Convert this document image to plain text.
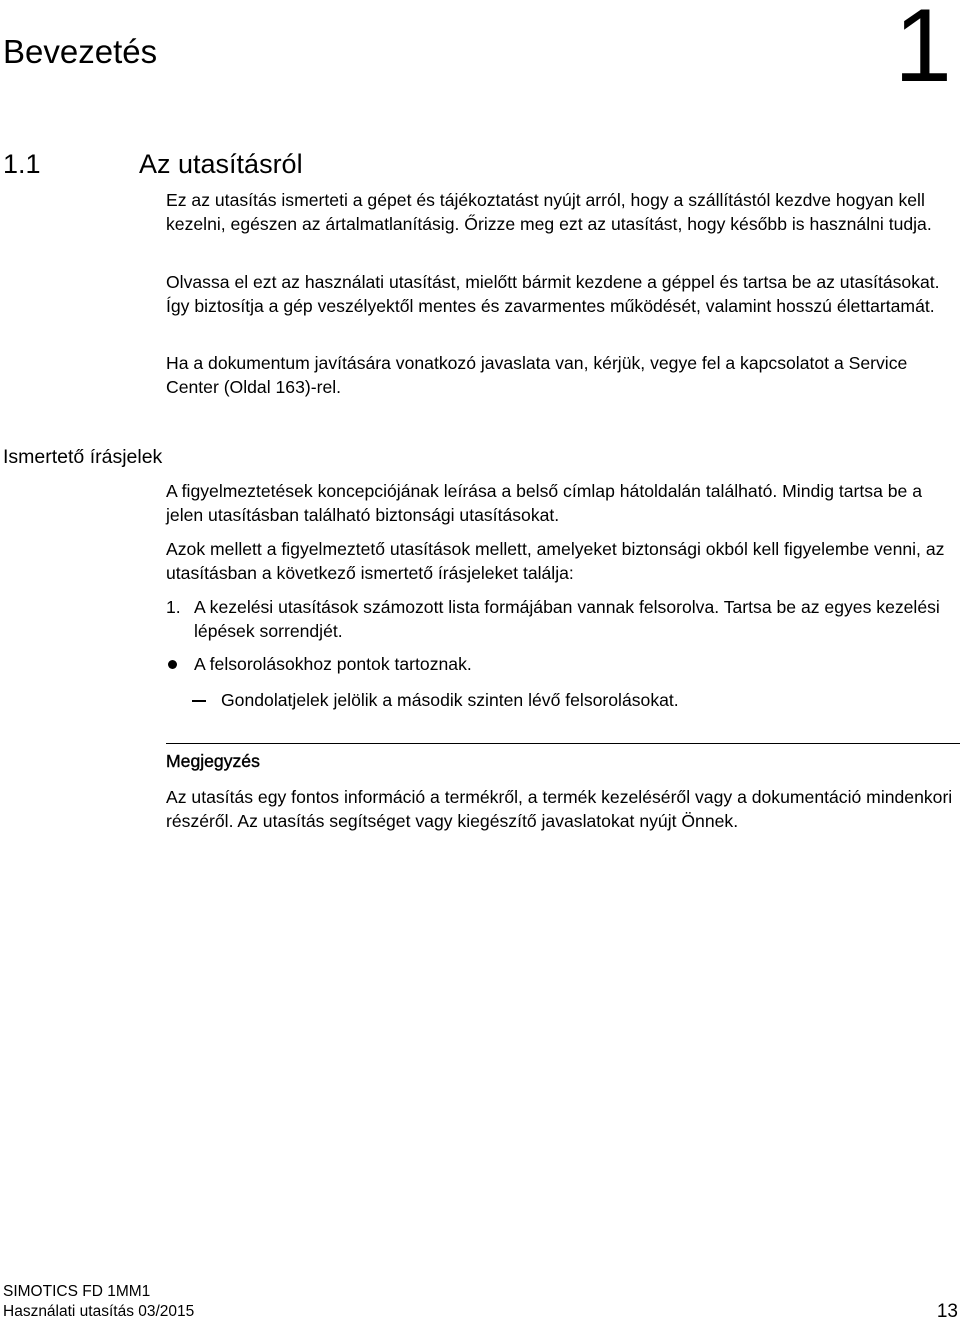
Bevezetés	1
1.1	Az utasításról

Ez az utasítás ismerteti a gépet és tájékoztatást nyújt arról, hogy a szállítástól kezdve hogyan kell kezelni, egészen az ártalmatlanításig. Őrizze meg ezt az utasítást, hogy később is használni tudja.

Olvassa el ezt az használati utasítást, mielőtt bármit kezdene a géppel és tartsa be az utasításokat. Így biztosítja a gép veszélyektől mentes és zavarmentes működését, valamint hosszú élettartamát.

Ha a dokumentum javítására vonatkozó javaslata van, kérjük, vegye fel a kapcsolatot a Service Center (Oldal 163)-rel.

Ismertető írásjelek

A figyelmeztetések koncepciójának leírása a belső címlap hátoldalán található. Mindig tartsa be a jelen utasításban található biztonsági utasításokat.

Azok mellett a figyelmeztető utasítások mellett, amelyeket biztonsági okból kell figyelembe venni, az utasításban a következő ismertető írásjeleket találja:

1. A kezelési utasítások számozott lista formájában vannak felsorolva. Tartsa be az egyes kezelési lépések sorrendjét.
A felsorolásokhoz pontok tartoznak.
Gondolatjelek jelölik a második szinten lévő felsorolásokat.
Megjegyzés

Az utasítás egy fontos információ a termékről, a termék kezeléséről vagy a dokumentáció mindenkori részéről. Az utasítás segítséget vagy kiegészítő javaslatokat nyújt Önnek.

SIMOTICS FD 1MM1
Használati utasítás 03/2015	13
